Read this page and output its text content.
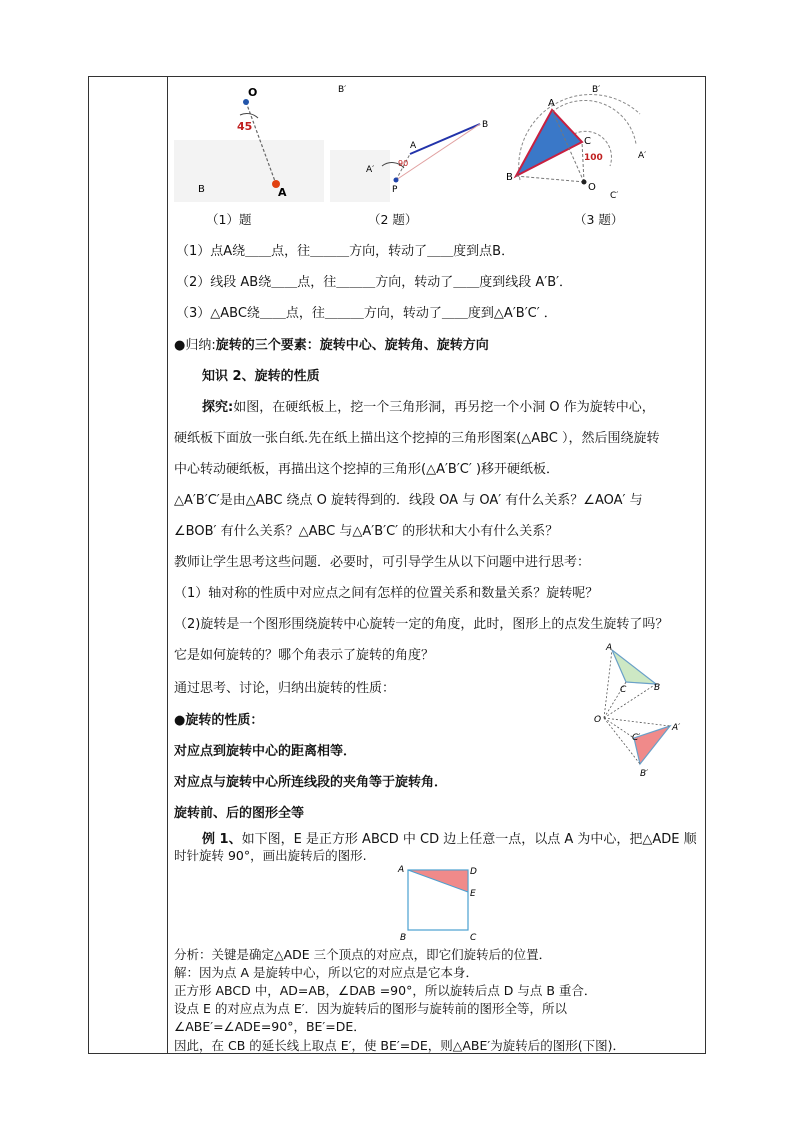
O
45
A
B
（1）题
90
A
B
A′
B′
P
（2 题）
A
B
C
100
O
B′
A′
C′
（3 题）
（1）点A绕＿＿点，往＿＿＿方向，转动了＿＿度到点B．
（2）线段 AB绕＿＿点，往＿＿＿方向，转动了＿＿度到线段 A′B′．
（3）△ABC绕＿＿点，往＿＿＿方向，转动了＿＿度到△A′B′C′ ．
●归纳:旋转的三个要素：旋转中心、旋转角、旋转方向
知识 2、旋转的性质
探究:如图，在硬纸板上，挖一个三角形洞，再另挖一个小洞 O 作为旋转中心，
硬纸板下面放一张白纸.先在纸上描出这个挖掉的三角形图案(△ABC ），然后围绕旋转
中心转动硬纸板，再描出这个挖掉的三角形(△A′B′C′ )移开硬纸板．
△A′B′C′是由△ABC 绕点 O 旋转得到的．线段 OA 与 OA′ 有什么关系？∠AOA′ 与
∠BOB′ 有什么关系？△ABC 与△A′B′C′ 的形状和大小有什么关系？
教师让学生思考这些问题．必要时，可引导学生从以下问题中进行思考：
（1）轴对称的性质中对应点之间有怎样的位置关系和数量关系？旋转呢？
（2)旋转是一个图形围绕旋转中心旋转一定的角度，此时，图形上的点发生旋转了吗？
它是如何旋转的？哪个角表示了旋转的角度？
通过思考、讨论，归纳出旋转的性质：
●旋转的性质：
对应点到旋转中心的距离相等．
对应点与旋转中心所连线段的夹角等于旋转角．
旋转前、后的图形全等
A
B
C
O
A′
C′
B′
例 1、如下图，E 是正方形 ABCD 中 CD 边上任意一点，以点 A 为中心，把△ADE 顺
时针旋转 90°，画出旋转后的图形.
A	D
E
B	C
分析：关键是确定△ADE 三个顶点的对应点，即它们旋转后的位置．
解：因为点 A 是旋转中心，所以它的对应点是它本身．
正方形 ABCD 中，AD=AB，∠DAB =90°，所以旋转后点 D 与点 B 重合．
设点 E 的对应点为点 E′．因为旋转后的图形与旋转前的图形全等，所以
∠ABE′=∠ADE=90°，BE′=DE．
因此，在 CB 的延长线上取点 E′，使 BE′=DE，则△ABE′为旋转后的图形(下图)．
